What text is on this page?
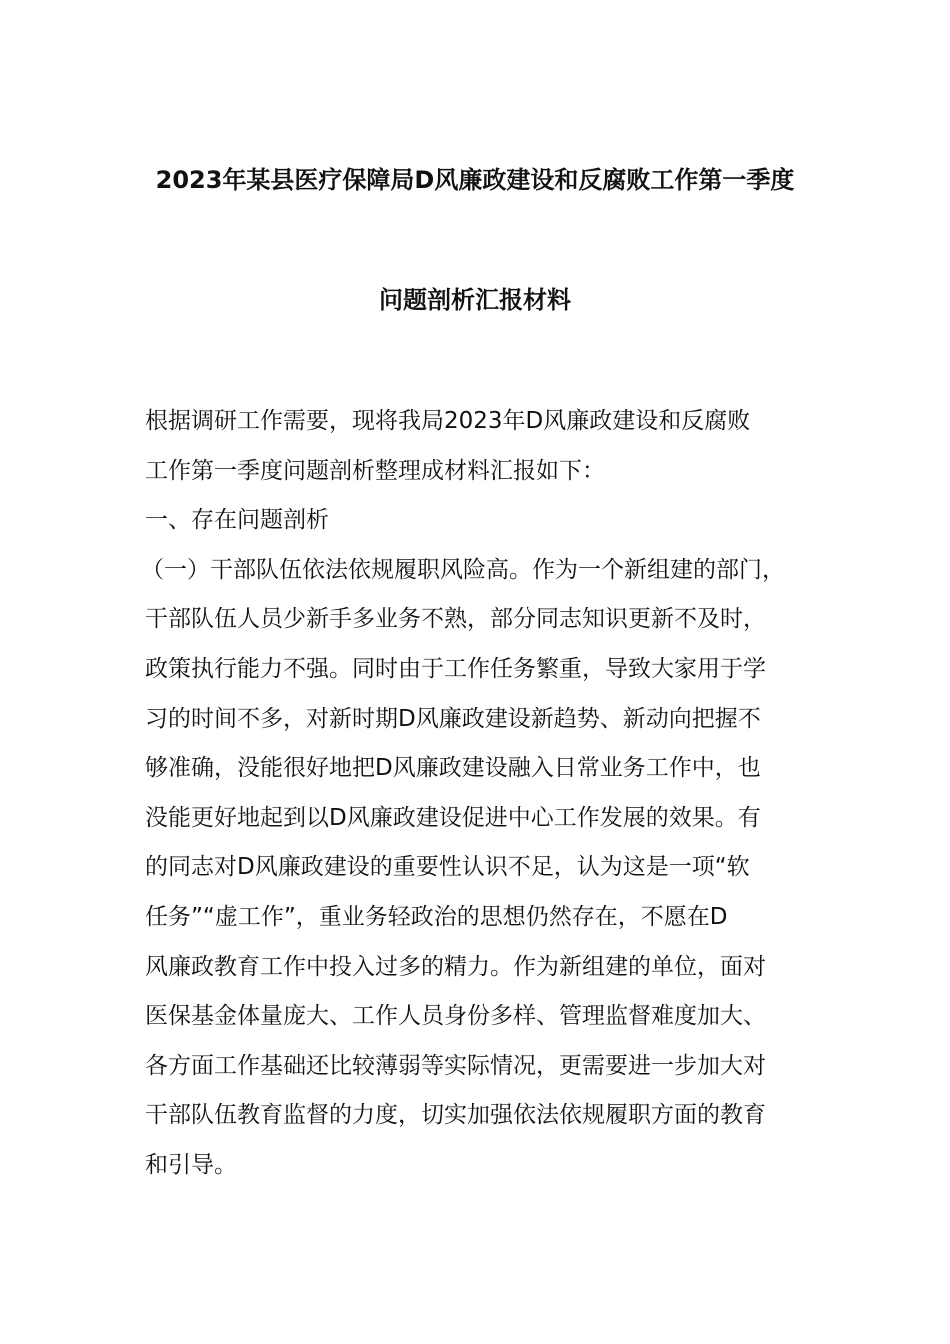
2023年某县医疗保障局D风廉政建设和反腐败工作第一季度
问题剖析汇报材料
根据调研工作需要，现将我局2023年D风廉政建设和反腐败
工作第一季度问题剖析整理成材料汇报如下：
一、存在问题剖析
（一）干部队伍依法依规履职风险高。作为一个新组建的部门，
干部队伍人员少新手多业务不熟，部分同志知识更新不及时，
政策执行能力不强。同时由于工作任务繁重，导致大家用于学
习的时间不多，对新时期D风廉政建设新趋势、新动向把握不
够准确，没能很好地把D风廉政建设融入日常业务工作中，也
没能更好地起到以D风廉政建设促进中心工作发展的效果。有
的同志对D风廉政建设的重要性认识不足，认为这是一项“软
任务”“虚工作”，重业务轻政治的思想仍然存在，不愿在D
风廉政教育工作中投入过多的精力。作为新组建的单位，面对
医保基金体量庞大、工作人员身份多样、管理监督难度加大、
各方面工作基础还比较薄弱等实际情况，更需要进一步加大对
干部队伍教育监督的力度，切实加强依法依规履职方面的教育
和引导。
